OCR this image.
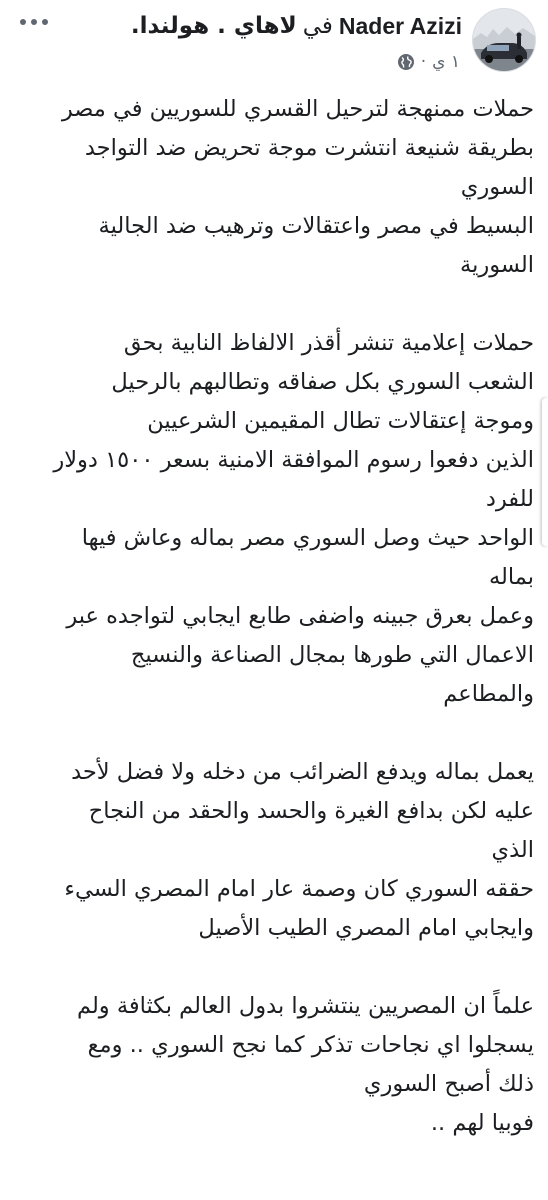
Nader Azizi
في
لاهاي . هولندا.
١ ي
·
حملات ممنهجة لترحيل القسري للسوريين في مصر
بطريقة شنيعة انتشرت موجة تحريض ضد التواجد
السوري
البسيط في مصر واعتقالات وترهيب ضد الجالية
السورية
حملات إعلامية تنشر أقذر الالفاظ النابية بحق
الشعب السوري بكل صفاقه وتطالبهم بالرحيل
وموجة إعتقالات تطال المقيمين الشرعيين
الذين دفعوا رسوم الموافقة الامنية بسعر ١٥٠٠ دولار
للفرد
الواحد حيث وصل السوري مصر بماله وعاش فيها
بماله
وعمل بعرق جبينه واضفى طابع ايجابي لتواجده عبر
الاعمال التي طورها بمجال الصناعة والنسيج
والمطاعم
يعمل بماله ويدفع الضرائب من دخله ولا فضل لأحد
عليه لكن بدافع الغيرة والحسد والحقد من النجاح
الذي
حققه السوري كان وصمة عار امام المصري السيء
وايجابي امام المصري الطيب الأصيل
علماً ان المصريين ينتشروا بدول العالم بكثافة ولم
يسجلوا اي نجاحات تذكر كما نجح السوري .. ومع
ذلك أصبح السوري
فوبيا لهم ..
